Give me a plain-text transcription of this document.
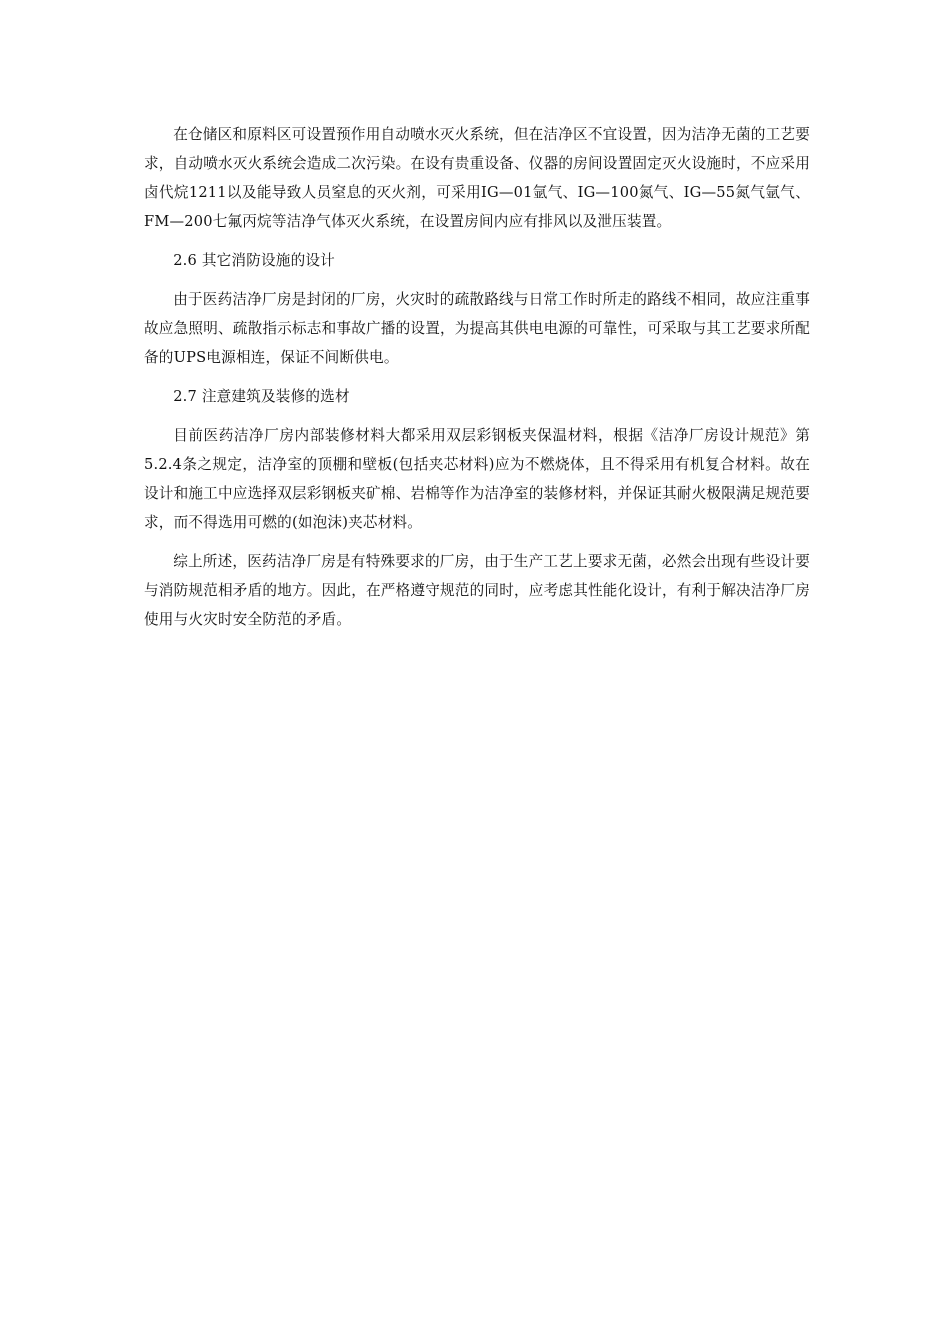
在仓储区和原料区可设置预作用自动喷水灭火系统，但在洁净区不宜设置，因为洁净无菌的工艺要求，自动喷水灭火系统会造成二次污染。在设有贵重设备、仪器的房间设置固定灭火设施时，不应采用卤代烷1211以及能导致人员窒息的灭火剂，可采用IG—01氩气、IG—100氮气、IG—55氮气氩气、FM—200七氟丙烷等洁净气体灭火系统，在设置房间内应有排风以及泄压装置。

2.6 其它消防设施的设计

由于医药洁净厂房是封闭的厂房，火灾时的疏散路线与日常工作时所走的路线不相同，故应注重事故应急照明、疏散指示标志和事故广播的设置，为提高其供电电源的可靠性，可采取与其工艺要求所配备的UPS电源相连，保证不间断供电。

2.7 注意建筑及装修的选材

目前医药洁净厂房内部装修材料大都采用双层彩钢板夹保温材料，根据《洁净厂房设计规范》第5.2.4条之规定，洁净室的顶棚和壁板(包括夹芯材料)应为不燃烧体，且不得采用有机复合材料。故在设计和施工中应选择双层彩钢板夹矿棉、岩棉等作为洁净室的装修材料，并保证其耐火极限满足规范要求，而不得选用可燃的(如泡沫)夹芯材料。

综上所述，医药洁净厂房是有特殊要求的厂房，由于生产工艺上要求无菌，必然会出现有些设计要与消防规范相矛盾的地方。因此，在严格遵守规范的同时，应考虑其性能化设计，有利于解决洁净厂房使用与火灾时安全防范的矛盾。
